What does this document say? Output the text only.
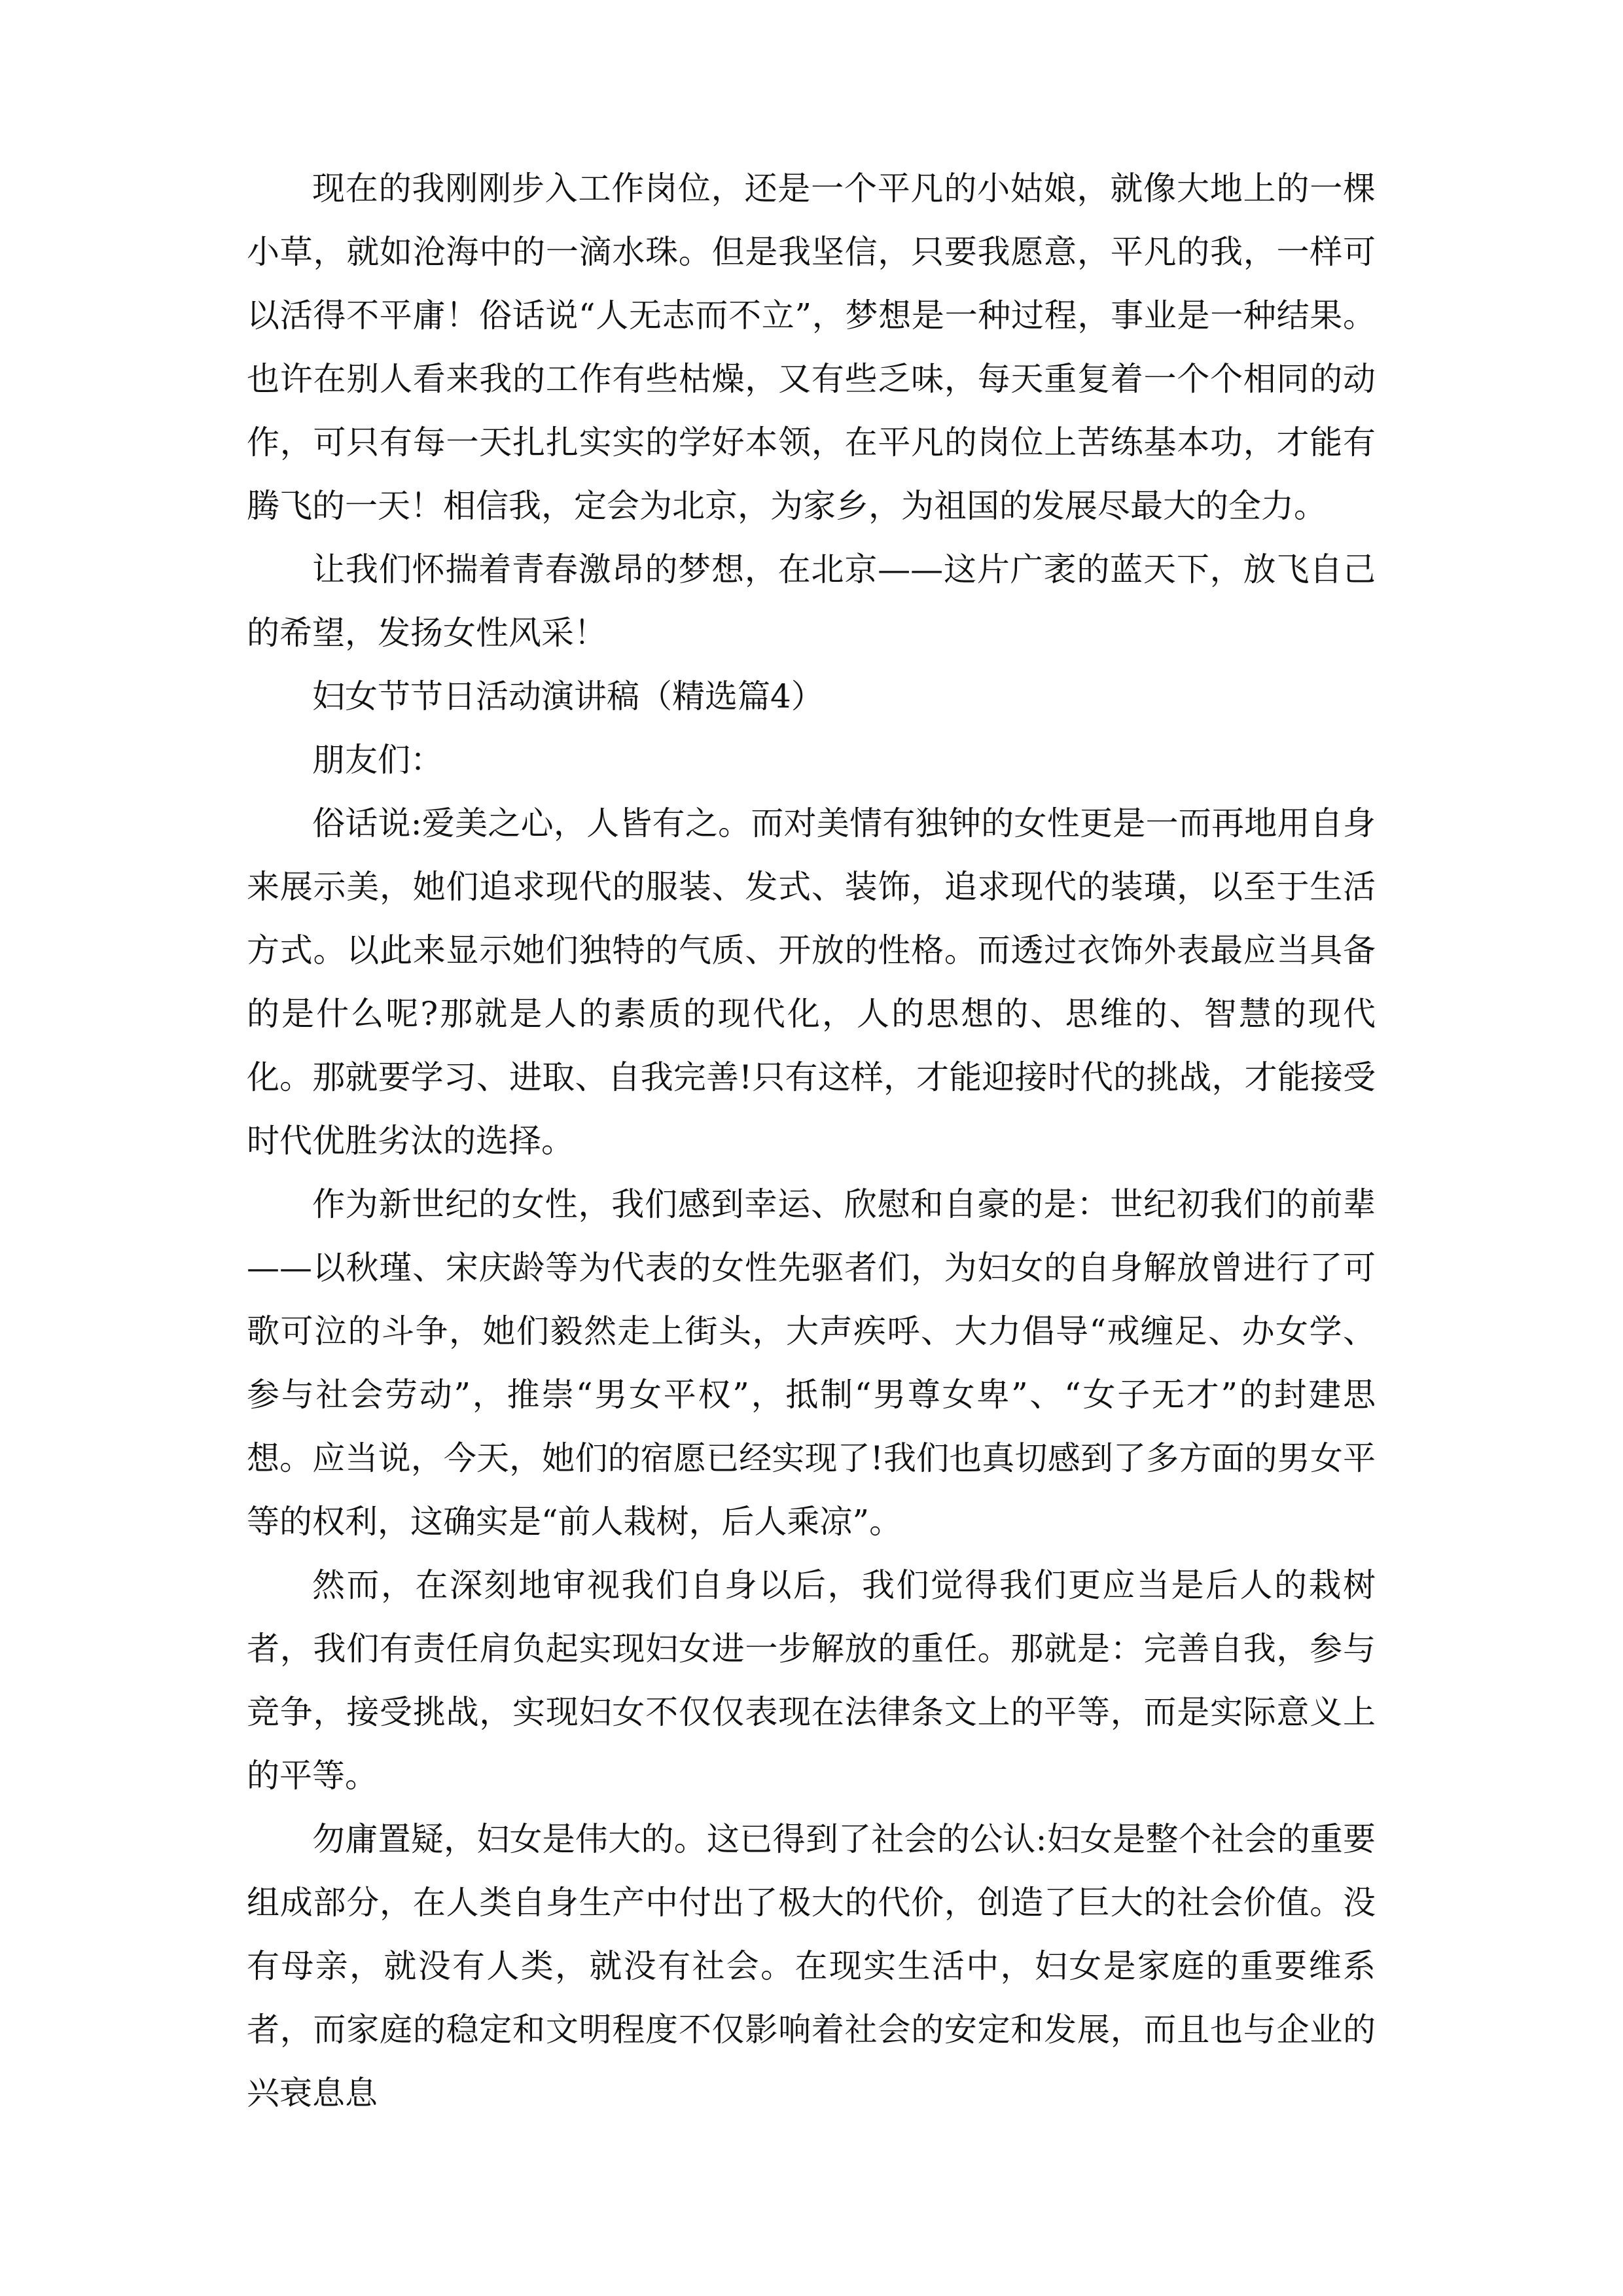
现在的我刚刚步入工作岗位，还是一个平凡的小姑娘，就像大地上的一棵小草，就如沧海中的一滴水珠。但是我坚信，只要我愿意，平凡的我，一样可以活得不平庸！俗话说“人无志而不立”，梦想是一种过程，事业是一种结果。也许在别人看来我的工作有些枯燥，又有些乏味，每天重复着一个个相同的动作，可只有每一天扎扎实实的学好本领，在平凡的岗位上苦练基本功，才能有腾飞的一天！相信我，定会为北京，为家乡，为祖国的发展尽最大的全力。

让我们怀揣着青春激昂的梦想，在北京——这片广袤的蓝天下，放飞自己的希望，发扬女性风采！

妇女节节日活动演讲稿（精选篇4）

朋友们：

俗话说:爱美之心，人皆有之。而对美情有独钟的女性更是一而再地用自身来展示美，她们追求现代的服装、发式、装饰，追求现代的装璜，以至于生活方式。以此来显示她们独特的气质、开放的性格。而透过衣饰外表最应当具备的是什么呢?那就是人的素质的现代化，人的思想的、思维的、智慧的现代化。那就要学习、进取、自我完善!只有这样，才能迎接时代的挑战，才能接受时代优胜劣汰的选择。

作为新世纪的女性，我们感到幸运、欣慰和自豪的是：世纪初我们的前辈——以秋瑾、宋庆龄等为代表的女性先驱者们，为妇女的自身解放曾进行了可歌可泣的斗争，她们毅然走上街头，大声疾呼、大力倡导“戒缠足、办女学、参与社会劳动”，推崇“男女平权”，抵制“男尊女卑”、“女子无才”的封建思想。应当说，今天，她们的宿愿已经实现了!我们也真切感到了多方面的男女平等的权利，这确实是“前人栽树，后人乘凉”。

然而，在深刻地审视我们自身以后，我们觉得我们更应当是后人的栽树者，我们有责任肩负起实现妇女进一步解放的重任。那就是：完善自我，参与竞争，接受挑战，实现妇女不仅仅表现在法律条文上的平等，而是实际意义上的平等。

勿庸置疑，妇女是伟大的。这已得到了社会的公认:妇女是整个社会的重要组成部分，在人类自身生产中付出了极大的代价，创造了巨大的社会价值。没有母亲，就没有人类，就没有社会。在现实生活中，妇女是家庭的重要维系者，而家庭的稳定和文明程度不仅影响着社会的安定和发展，而且也与企业的兴衰息息
